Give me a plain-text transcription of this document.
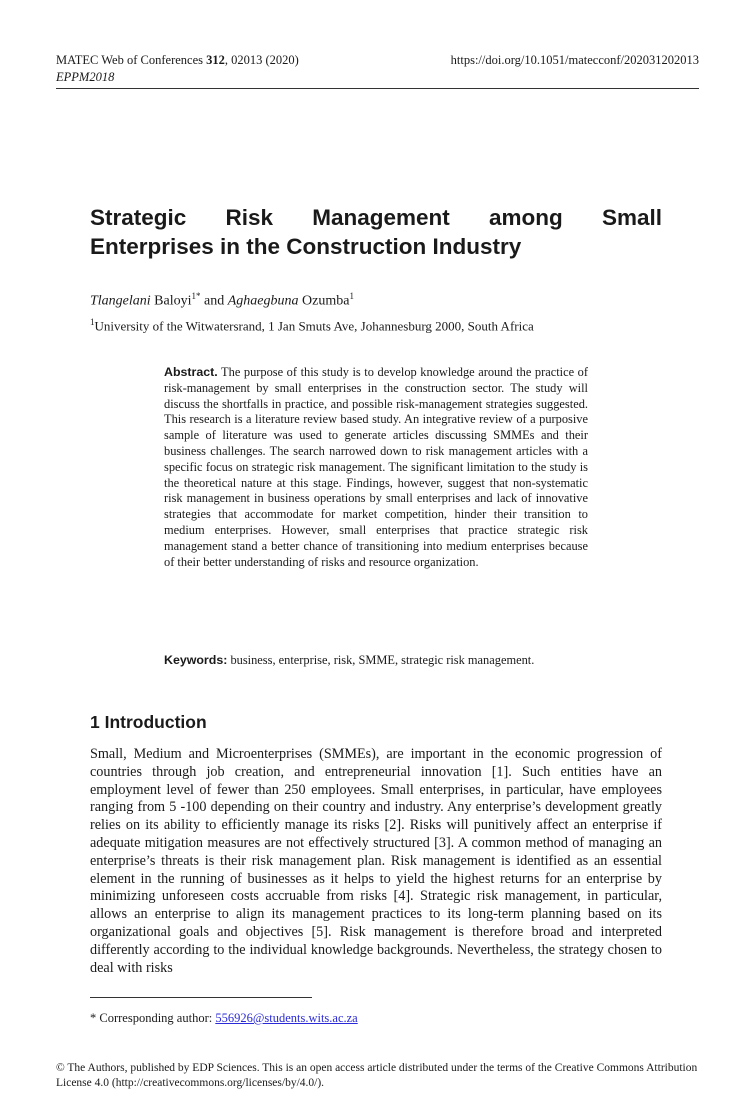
MATEC Web of Conferences 312, 02013 (2020)
EPPM2018
https://doi.org/10.1051/matecconf/202031202013
Strategic Risk Management among Small
Enterprises in the Construction Industry
Tlangelani Baloyi$^{1*}$ and Aghaegbuna Ozumba$^1$
$^1$University of the Witwatersrand, 1 Jan Smuts Ave, Johannesburg 2000, South Africa

Abstract. The purpose of this study is to develop knowledge around the practice of risk-management by small enterprises in the construction sector. The study will discuss the shortfalls in practice, and possible risk-management strategies suggested. This research is a literature review based study. An integrative review of a purposive sample of literature was used to generate articles discussing SMMEs and their business challenges. The search narrowed down to risk management articles with a specific focus on strategic risk management. The significant limitation to the study is the theoretical nature at this stage. Findings, however, suggest that non-systematic risk management in business operations by small enterprises and lack of innovative strategies that accommodate for market competition, hinder their transition to medium enterprises. However, small enterprises that practice strategic risk management stand a better chance of transitioning into medium enterprises because of their better understanding of risks and resource organization.

Keywords: business, enterprise, risk, SMME, strategic risk management.
1 Introduction

Small, Medium and Microenterprises (SMMEs), are important in the economic progression of countries through job creation, and entrepreneurial innovation [1]. Such entities have an employment level of fewer than 250 employees. Small enterprises, in particular, have employees ranging from 5 -100 depending on their country and industry. Any enterprise’s development greatly relies on its ability to efficiently manage its risks [2]. Risks will punitively affect an enterprise if adequate mitigation measures are not effectively structured [3]. A common method of managing an enterprise’s threats is their risk management plan. Risk management is identified as an essential element in the running of businesses as it helps to yield the highest returns for an enterprise by minimizing unforeseen costs accruable from risks [4]. Strategic risk management, in particular, allows an enterprise to align its management practices to its long-term planning based on its organizational goals and objectives [5]. Risk management is therefore broad and interpreted differently according to the individual knowledge backgrounds. Nevertheless, the strategy chosen to deal with risks

* Corresponding author: 556926@students.wits.ac.za
© The Authors, published by EDP Sciences. This is an open access article distributed under the terms of the Creative Commons Attribution License 4.0 (http://creativecommons.org/licenses/by/4.0/).
